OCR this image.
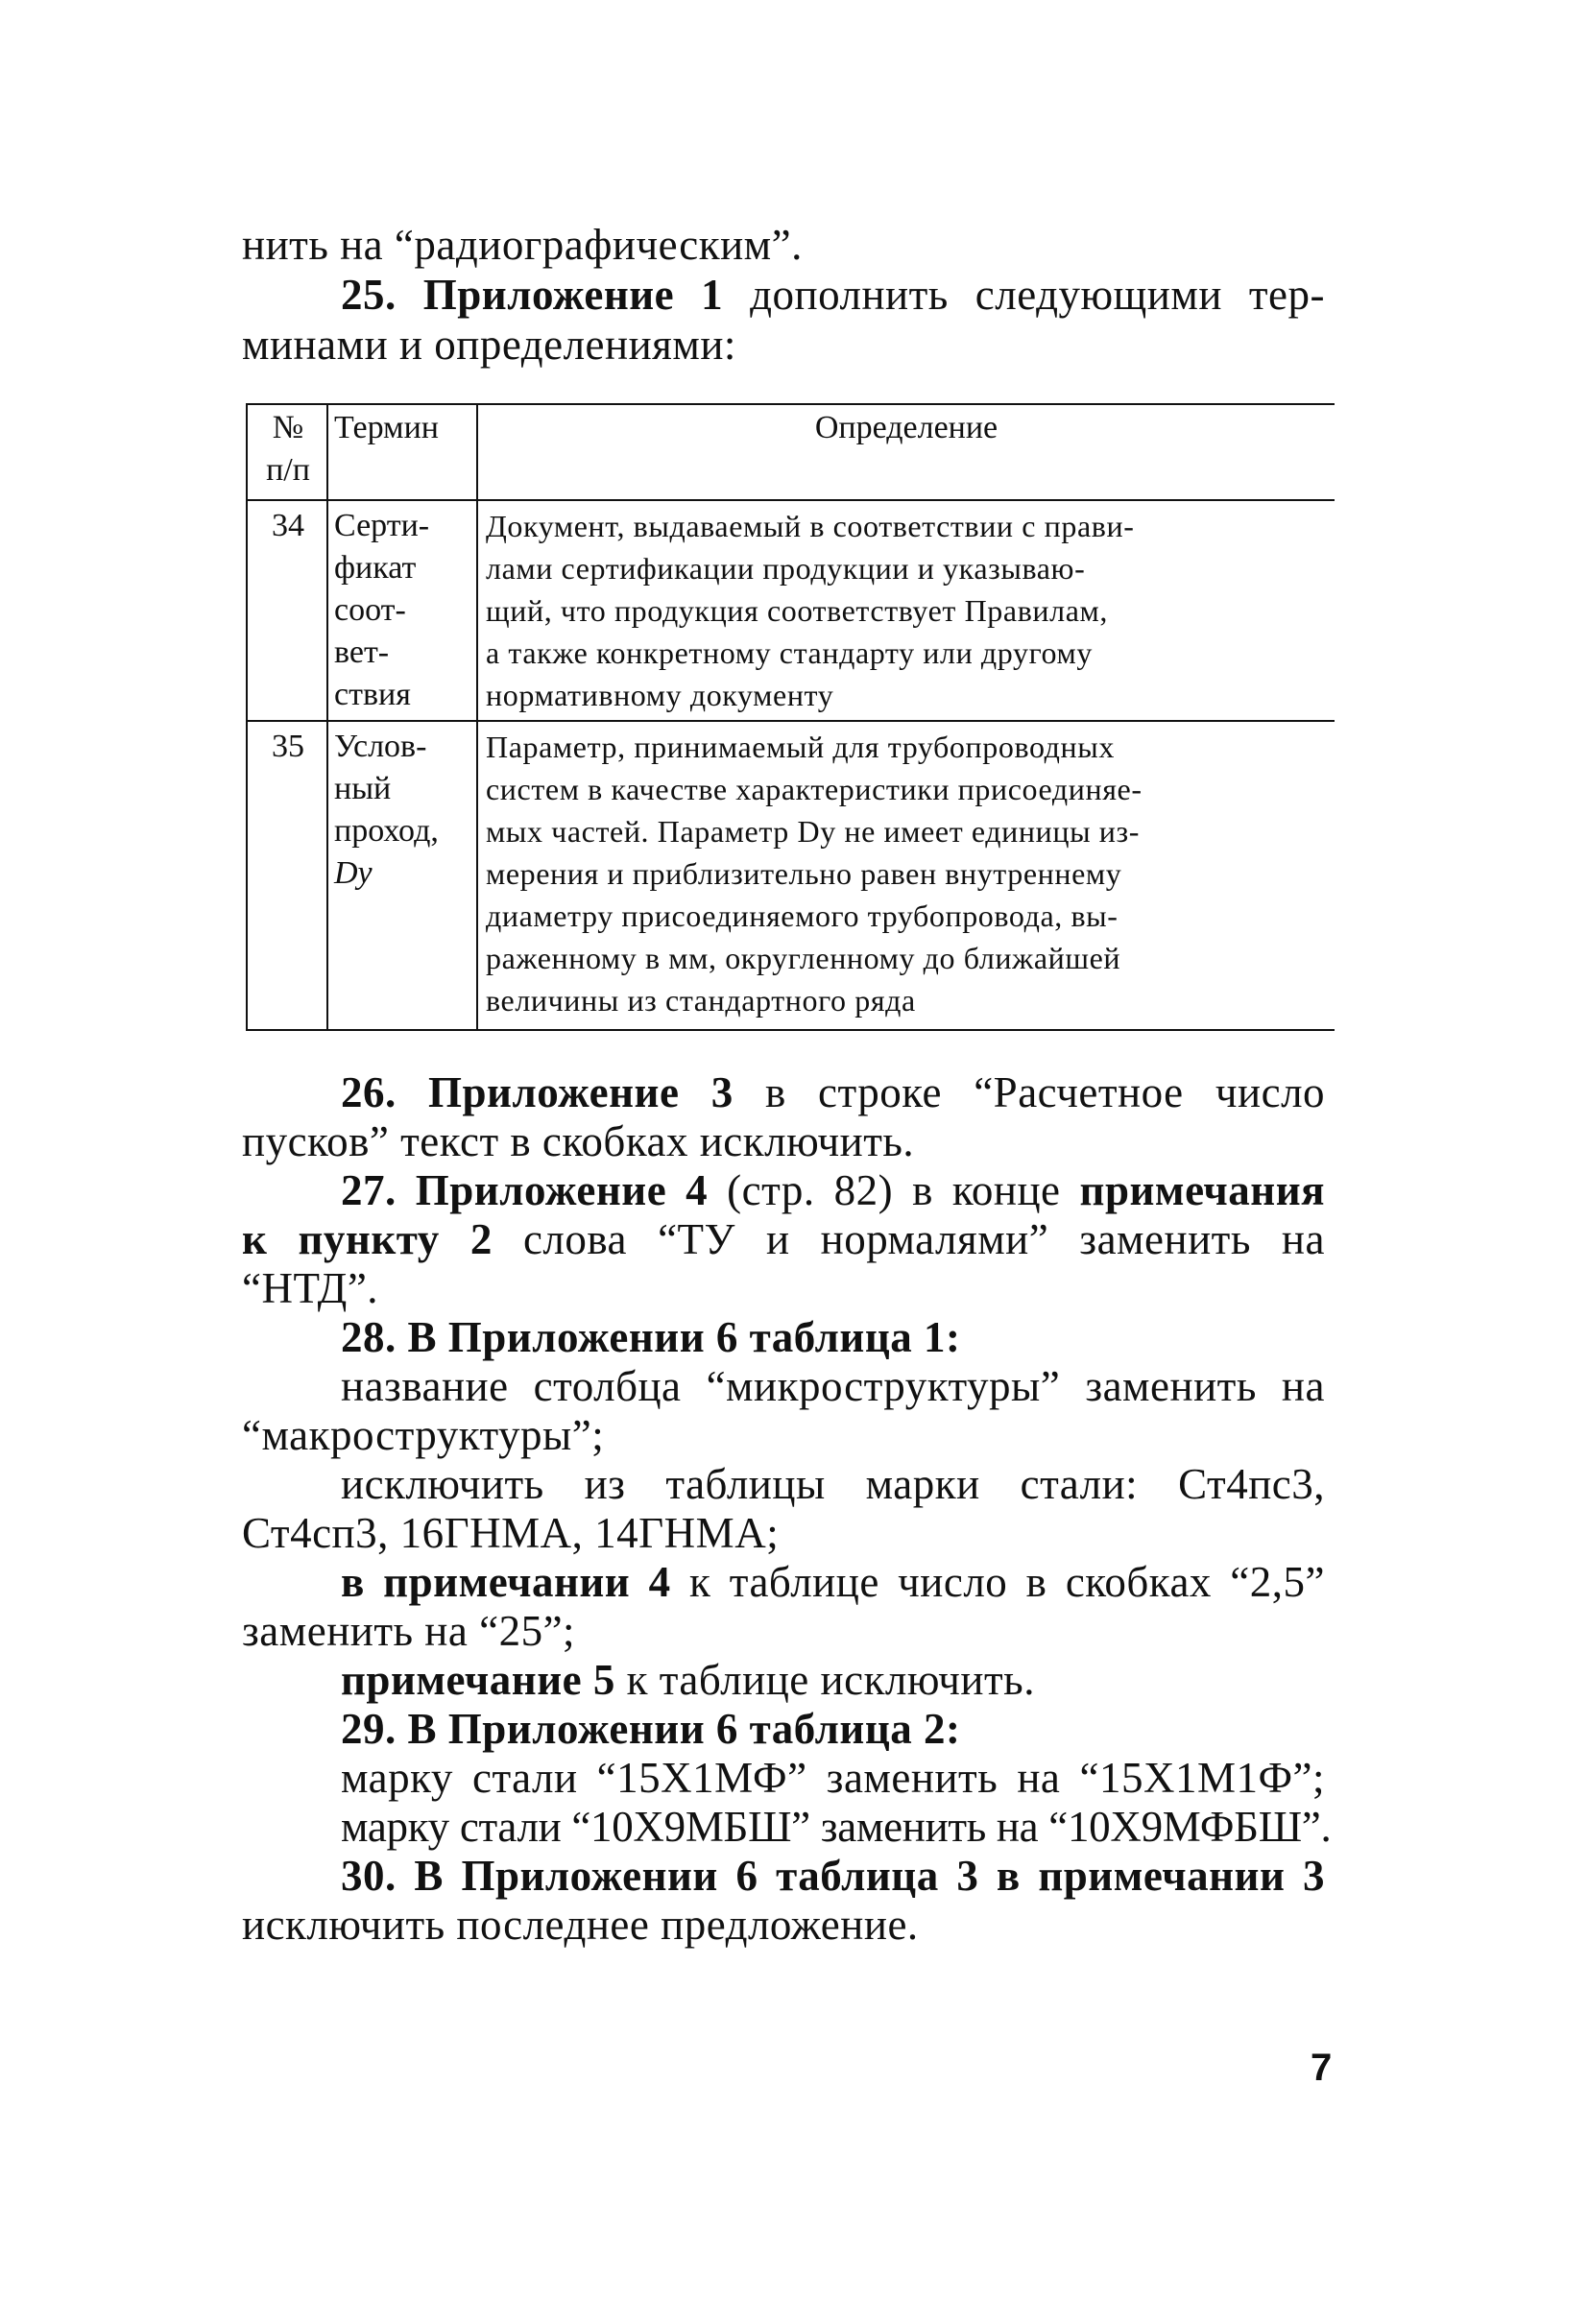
нить на “радиографическим”.
25. Приложение 1 дополнить следующими тер-
минами и определениями:
№
п/п
Термин	Определение
34 Серти-
фикат
соот-
вет-
ствия
Документ, выдаваемый в соответствии с прави-
лами сертификации продукции и указываю-
щий, что продукция соответствует Правилам,
а также конкретному стандарту или другому
нормативному документу
35 Услов-
ный
проход,
Dу
Параметр, принимаемый для трубопроводных
систем в качестве характеристики присоединяе-
мых частей. Параметр Dу не имеет единицы из-
мерения и приблизительно равен внутреннему
диаметру присоединяемого трубопровода, вы-
раженному в мм, округленному до ближайшей
величины из стандартного ряда
26. Приложение 3 в строке “Расчетное число
пусков” текст в скобках исключить.
27. Приложение 4 (стр. 82) в конце примечания
к пункту 2 слова “ТУ и нормалями” заменить на
“НТД”.
28. В Приложении 6 таблица 1:
название столбца “микроструктуры” заменить на
“макроструктуры”;
исключить из таблицы марки стали: Ст4пс3,
Ст4сп3, 16ГНМА, 14ГНМА;
в примечании 4 к таблице число в скобках “2,5”
заменить на “25”;
примечание 5 к таблице исключить.
29. В Приложении 6 таблица 2:
марку стали “15Х1МФ” заменить на “15Х1М1Ф”;
марку стали “10Х9МБШ” заменить на “10Х9МФБШ”.
30. В Приложении 6 таблица 3 в примечании 3
исключить последнее предложение.
7
